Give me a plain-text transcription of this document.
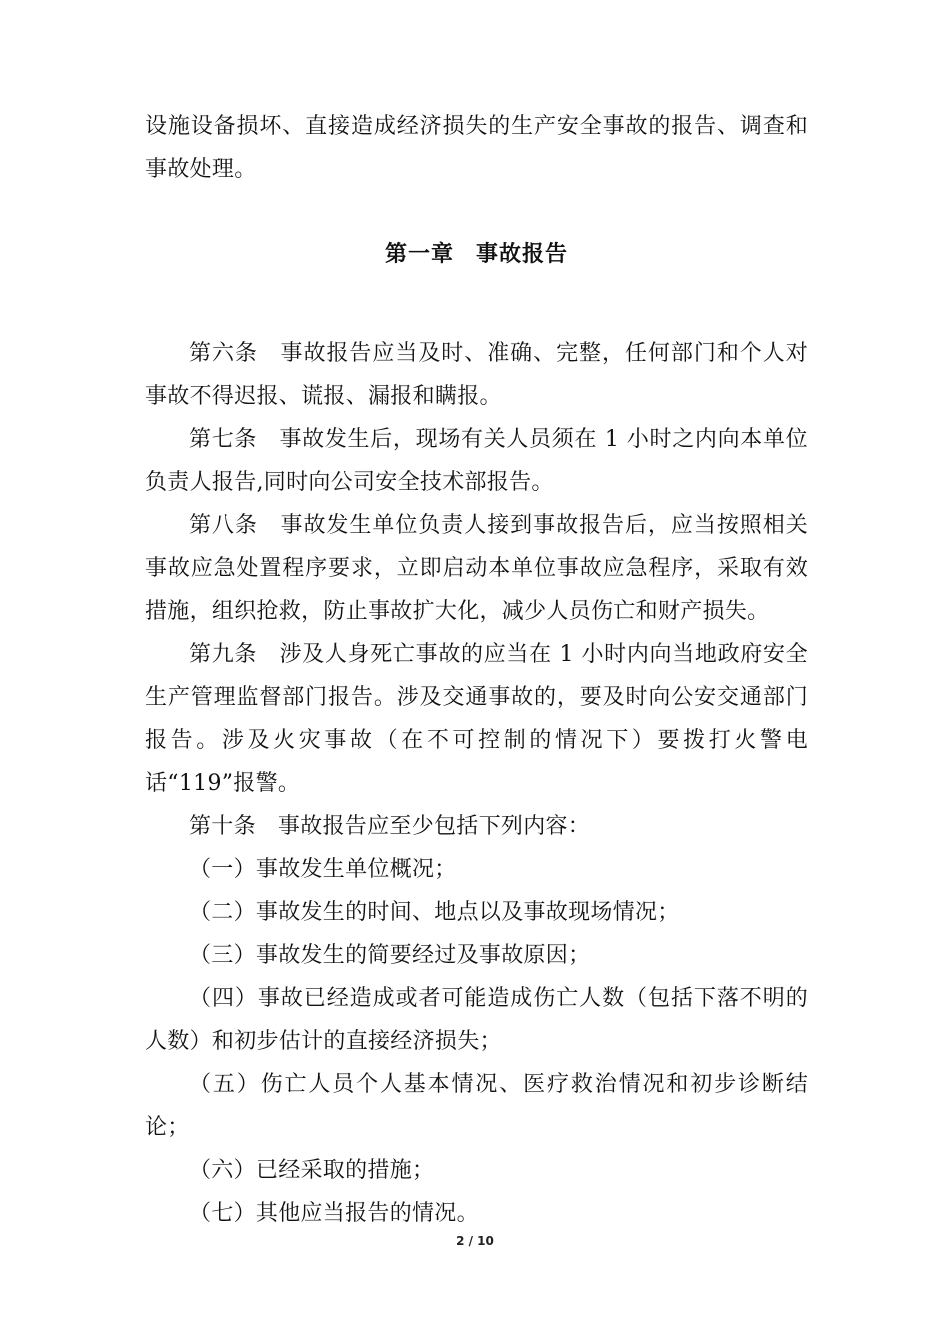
设施设备损坏、直接造成经济损失的生产安全事故的报告、调查和事故处理。

第一章 事故报告

第六条 事故报告应当及时、准确、完整，任何部门和个人对事故不得迟报、谎报、漏报和瞒报。

第七条 事故发生后，现场有关人员须在 1 小时之内向本单位负责人报告,同时向公司安全技术部报告。

第八条 事故发生单位负责人接到事故报告后，应当按照相关事故应急处置程序要求，立即启动本单位事故应急程序，采取有效措施，组织抢救，防止事故扩大化，减少人员伤亡和财产损失。

第九条 涉及人身死亡事故的应当在 1 小时内向当地政府安全生产管理监督部门报告。涉及交通事故的，要及时向公安交通部门报告。涉及火灾事故（在不可控制的情况下）要拨打火警电话“119”报警。

第十条 事故报告应至少包括下列内容：

（一）事故发生单位概况；

（二）事故发生的时间、地点以及事故现场情况；

（三）事故发生的简要经过及事故原因；

（四）事故已经造成或者可能造成伤亡人数（包括下落不明的人数）和初步估计的直接经济损失；

（五）伤亡人员个人基本情况、医疗救治情况和初步诊断结论；

（六）已经采取的措施；

（七）其他应当报告的情况。

2 / 10
